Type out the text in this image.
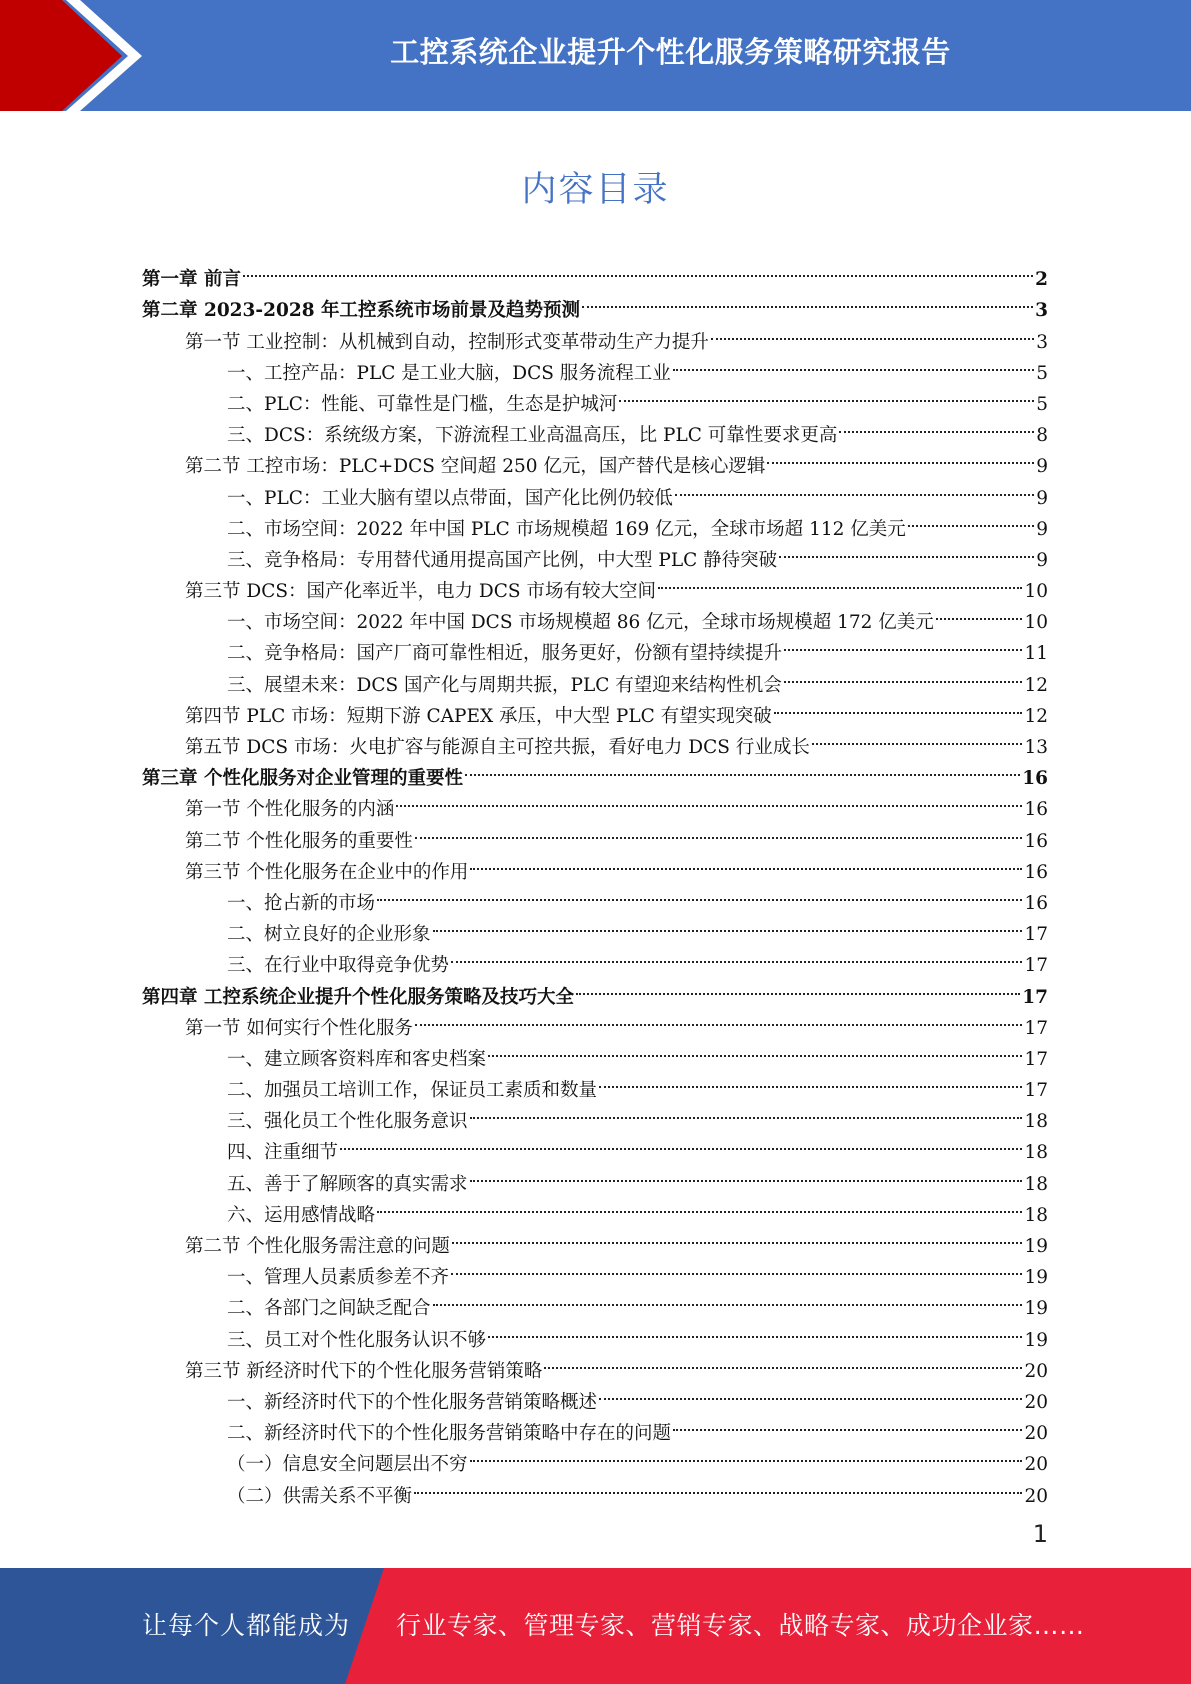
工控系统企业提升个性化服务策略研究报告
内容目录
第一章 前言	2
第二章 2023-2028 年工控系统市场前景及趋势预测	3
第一节 工业控制：从机械到自动，控制形式变革带动生产力提升	3
一、工控产品：PLC 是工业大脑，DCS 服务流程工业	5
二、PLC：性能、可靠性是门槛，生态是护城河	5
三、DCS：系统级方案，下游流程工业高温高压，比 PLC 可靠性要求更高	8
第二节 工控市场：PLC+DCS 空间超 250 亿元，国产替代是核心逻辑	9
一、PLC：工业大脑有望以点带面，国产化比例仍较低	9
二、市场空间：2022 年中国 PLC 市场规模超 169 亿元，全球市场超 112 亿美元	9
三、竞争格局：专用替代通用提高国产比例，中大型 PLC 静待突破	9
第三节 DCS：国产化率近半，电力 DCS 市场有较大空间	10
一、市场空间：2022 年中国 DCS 市场规模超 86 亿元，全球市场规模超 172 亿美元	10
二、竞争格局：国产厂商可靠性相近，服务更好，份额有望持续提升	11
三、展望未来：DCS 国产化与周期共振，PLC 有望迎来结构性机会	12
第四节 PLC 市场：短期下游 CAPEX 承压，中大型 PLC 有望实现突破	12
第五节 DCS 市场：火电扩容与能源自主可控共振，看好电力 DCS 行业成长	13
第三章 个性化服务对企业管理的重要性	16
第一节 个性化服务的内涵	16
第二节 个性化服务的重要性	16
第三节 个性化服务在企业中的作用	16
一、抢占新的市场	16
二、树立良好的企业形象	17
三、在行业中取得竞争优势	17
第四章 工控系统企业提升个性化服务策略及技巧大全	17
第一节 如何实行个性化服务	17
一、建立顾客资料库和客史档案	17
二、加强员工培训工作，保证员工素质和数量	17
三、强化员工个性化服务意识	18
四、注重细节	18
五、善于了解顾客的真实需求	18
六、运用感情战略	18
第二节 个性化服务需注意的问题	19
一、管理人员素质参差不齐	19
二、各部门之间缺乏配合	19
三、员工对个性化服务认识不够	19
第三节 新经济时代下的个性化服务营销策略	20
一、新经济时代下的个性化服务营销策略概述	20
二、新经济时代下的个性化服务营销策略中存在的问题	20
（一）信息安全问题层出不穷	20
（二）供需关系不平衡	20
1
让每个人都能成为 行业专家、管理专家、营销专家、战略专家、成功企业家……
